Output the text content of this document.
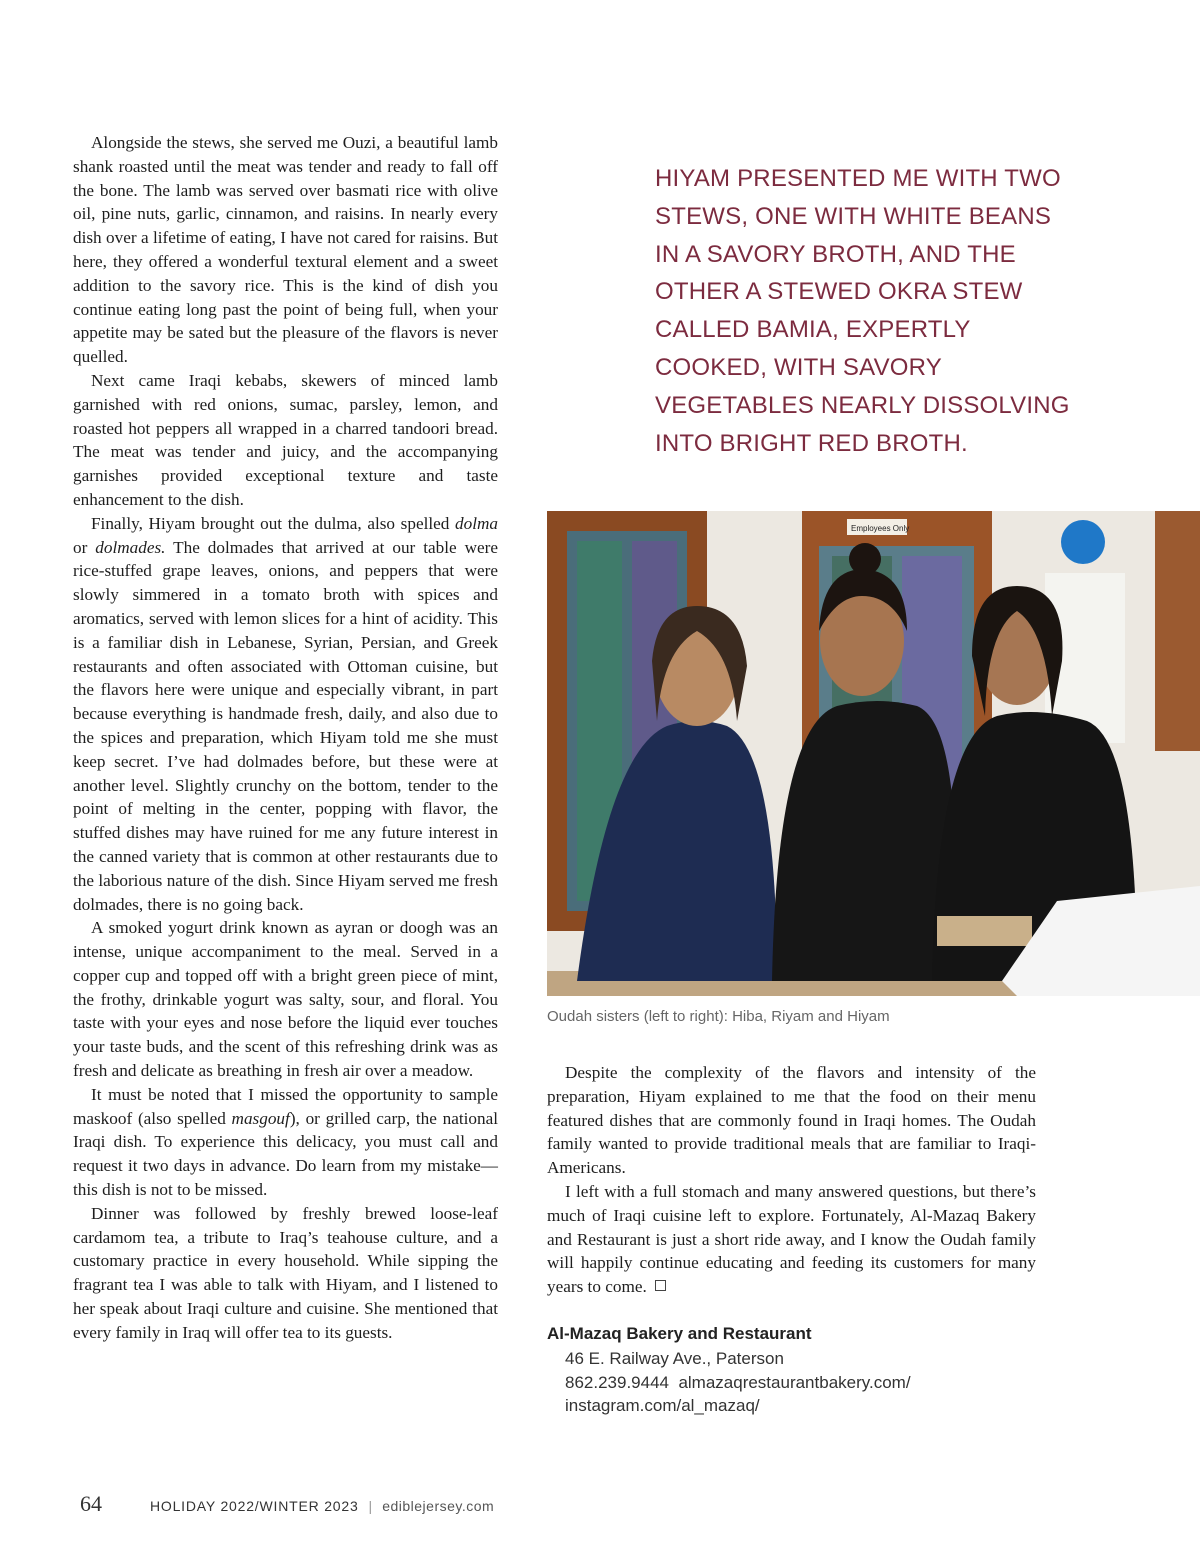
Alongside the stews, she served me Ouzi, a beautiful lamb shank roasted until the meat was tender and ready to fall off the bone. The lamb was served over basmati rice with olive oil, pine nuts, garlic, cinnamon, and raisins. In nearly every dish over a lifetime of eating, I have not cared for raisins. But here, they offered a wonderful textural element and a sweet addition to the savory rice. This is the kind of dish you continue eating long past the point of being full, when your appetite may be sated but the pleasure of the flavors is never quelled.

Next came Iraqi kebabs, skewers of minced lamb garnished with red onions, sumac, parsley, lemon, and roasted hot peppers all wrapped in a charred tandoori bread. The meat was tender and juicy, and the accompanying garnishes provided exceptional texture and taste enhancement to the dish.

Finally, Hiyam brought out the dulma, also spelled dolma or dolmades. The dolmades that arrived at our table were rice-stuffed grape leaves, onions, and peppers that were slowly simmered in a tomato broth with spices and aromatics, served with lemon slices for a hint of acidity. This is a familiar dish in Lebanese, Syrian, Persian, and Greek restaurants and often associated with Ottoman cuisine, but the flavors here were unique and especially vibrant, in part because everything is handmade fresh, daily, and also due to the spices and preparation, which Hiyam told me she must keep secret. I’ve had dolmades before, but these were at another level. Slightly crunchy on the bottom, tender to the point of melting in the center, popping with flavor, the stuffed dishes may have ruined for me any future interest in the canned variety that is common at other restaurants due to the laborious nature of the dish. Since Hiyam served me fresh dolmades, there is no going back.

A smoked yogurt drink known as ayran or doogh was an intense, unique accompaniment to the meal. Served in a copper cup and topped off with a bright green piece of mint, the frothy, drinkable yogurt was salty, sour, and floral. You taste with your eyes and nose before the liquid ever touches your taste buds, and the scent of this refreshing drink was as fresh and delicate as breathing in fresh air over a meadow.

It must be noted that I missed the opportunity to sample maskoof (also spelled masgouf), or grilled carp, the national Iraqi dish. To experience this delicacy, you must call and request it two days in advance. Do learn from my mistake—this dish is not to be missed.

Dinner was followed by freshly brewed loose-leaf cardamom tea, a tribute to Iraq’s teahouse culture, and a customary practice in every household. While sipping the fragrant tea I was able to talk with Hiyam, and I listened to her speak about Iraqi culture and cuisine. She mentioned that every family in Iraq will offer tea to its guests.

HIYAM PRESENTED ME WITH TWO STEWS, ONE WITH WHITE BEANS IN A SAVORY BROTH, AND THE OTHER A STEWED OKRA STEW CALLED BAMIA, EXPERTLY COOKED, WITH SAVORY VEGETABLES NEARLY DISSOLVING INTO BRIGHT RED BROTH.
Employees Only
Oudah sisters (left to right): Hiba, Riyam and Hiyam

Despite the complexity of the flavors and intensity of the preparation, Hiyam explained to me that the food on their menu featured dishes that are commonly found in Iraqi homes. The Oudah family wanted to provide traditional meals that are familiar to Iraqi-Americans.

I left with a full stomach and many answered questions, but there’s much of Iraqi cuisine left to explore. Fortunately, Al-Mazaq Bakery and Restaurant is just a short ride away, and I know the Oudah family will happily continue educating and feeding its customers for many years to come.

Al-Mazaq Bakery and Restaurant
46 E. Railway Ave., Paterson
862.239.9444  almazaqrestaurantbakery.com/
instagram.com/al_mazaq/
64	HOLIDAY 2022/WINTER 2023 | ediblejersey.com
